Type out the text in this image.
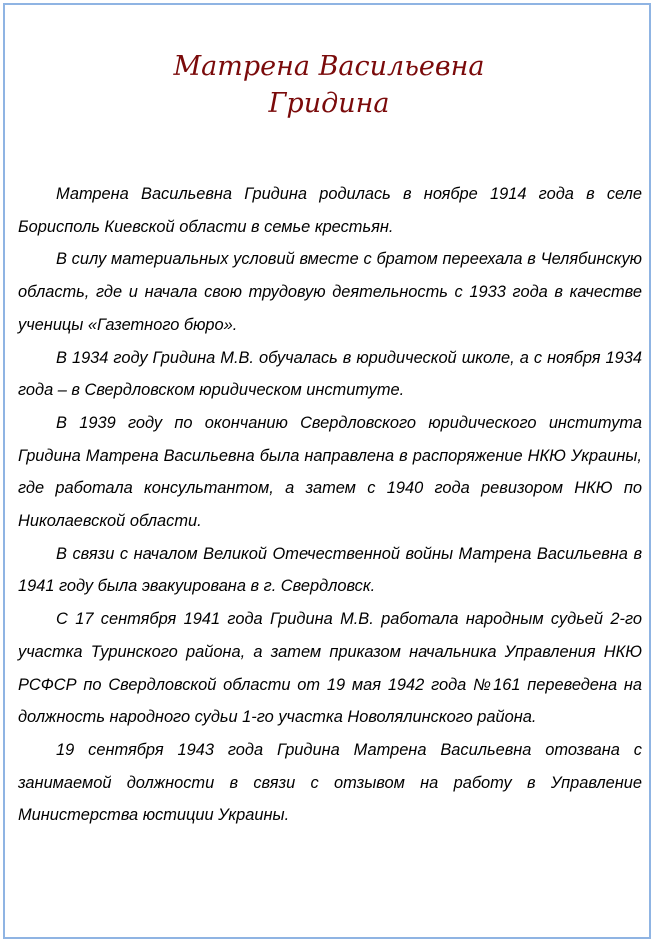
Матрена Васильевна
Гридина

Матрена Васильевна Гридина родилась в ноябре 1914 года в селе Борисполь Киевской области в семье крестьян.

В силу материальных условий вместе с братом переехала в Челябинскую область, где и начала свою трудовую деятельность с 1933 года в качестве ученицы «Газетного бюро».

В 1934 году Гридина М.В. обучалась в юридической школе, а с ноября 1934 года – в Свердловском юридическом институте.

В 1939 году по окончанию Свердловского юридического института Гридина Матрена Васильевна была направлена в распоряжение НКЮ Украины, где работала консультантом, а затем с 1940 года ревизором НКЮ по Николаевской области.

В связи с началом Великой Отечественной войны Матрена Васильевна в 1941 году была эвакуирована в г. Свердловск.

С 17 сентября 1941 года Гридина М.В. работала народным судьей 2-го участка Туринского района, а затем приказом начальника Управления НКЮ РСФСР по Свердловской области от 19 мая 1942 года №161 переведена на должность народного судьи 1-го участка Новолялинского района.

19 сентября 1943 года Гридина Матрена Васильевна отозвана с занимаемой должности в связи с отзывом на работу в Управление Министерства юстиции Украины.
